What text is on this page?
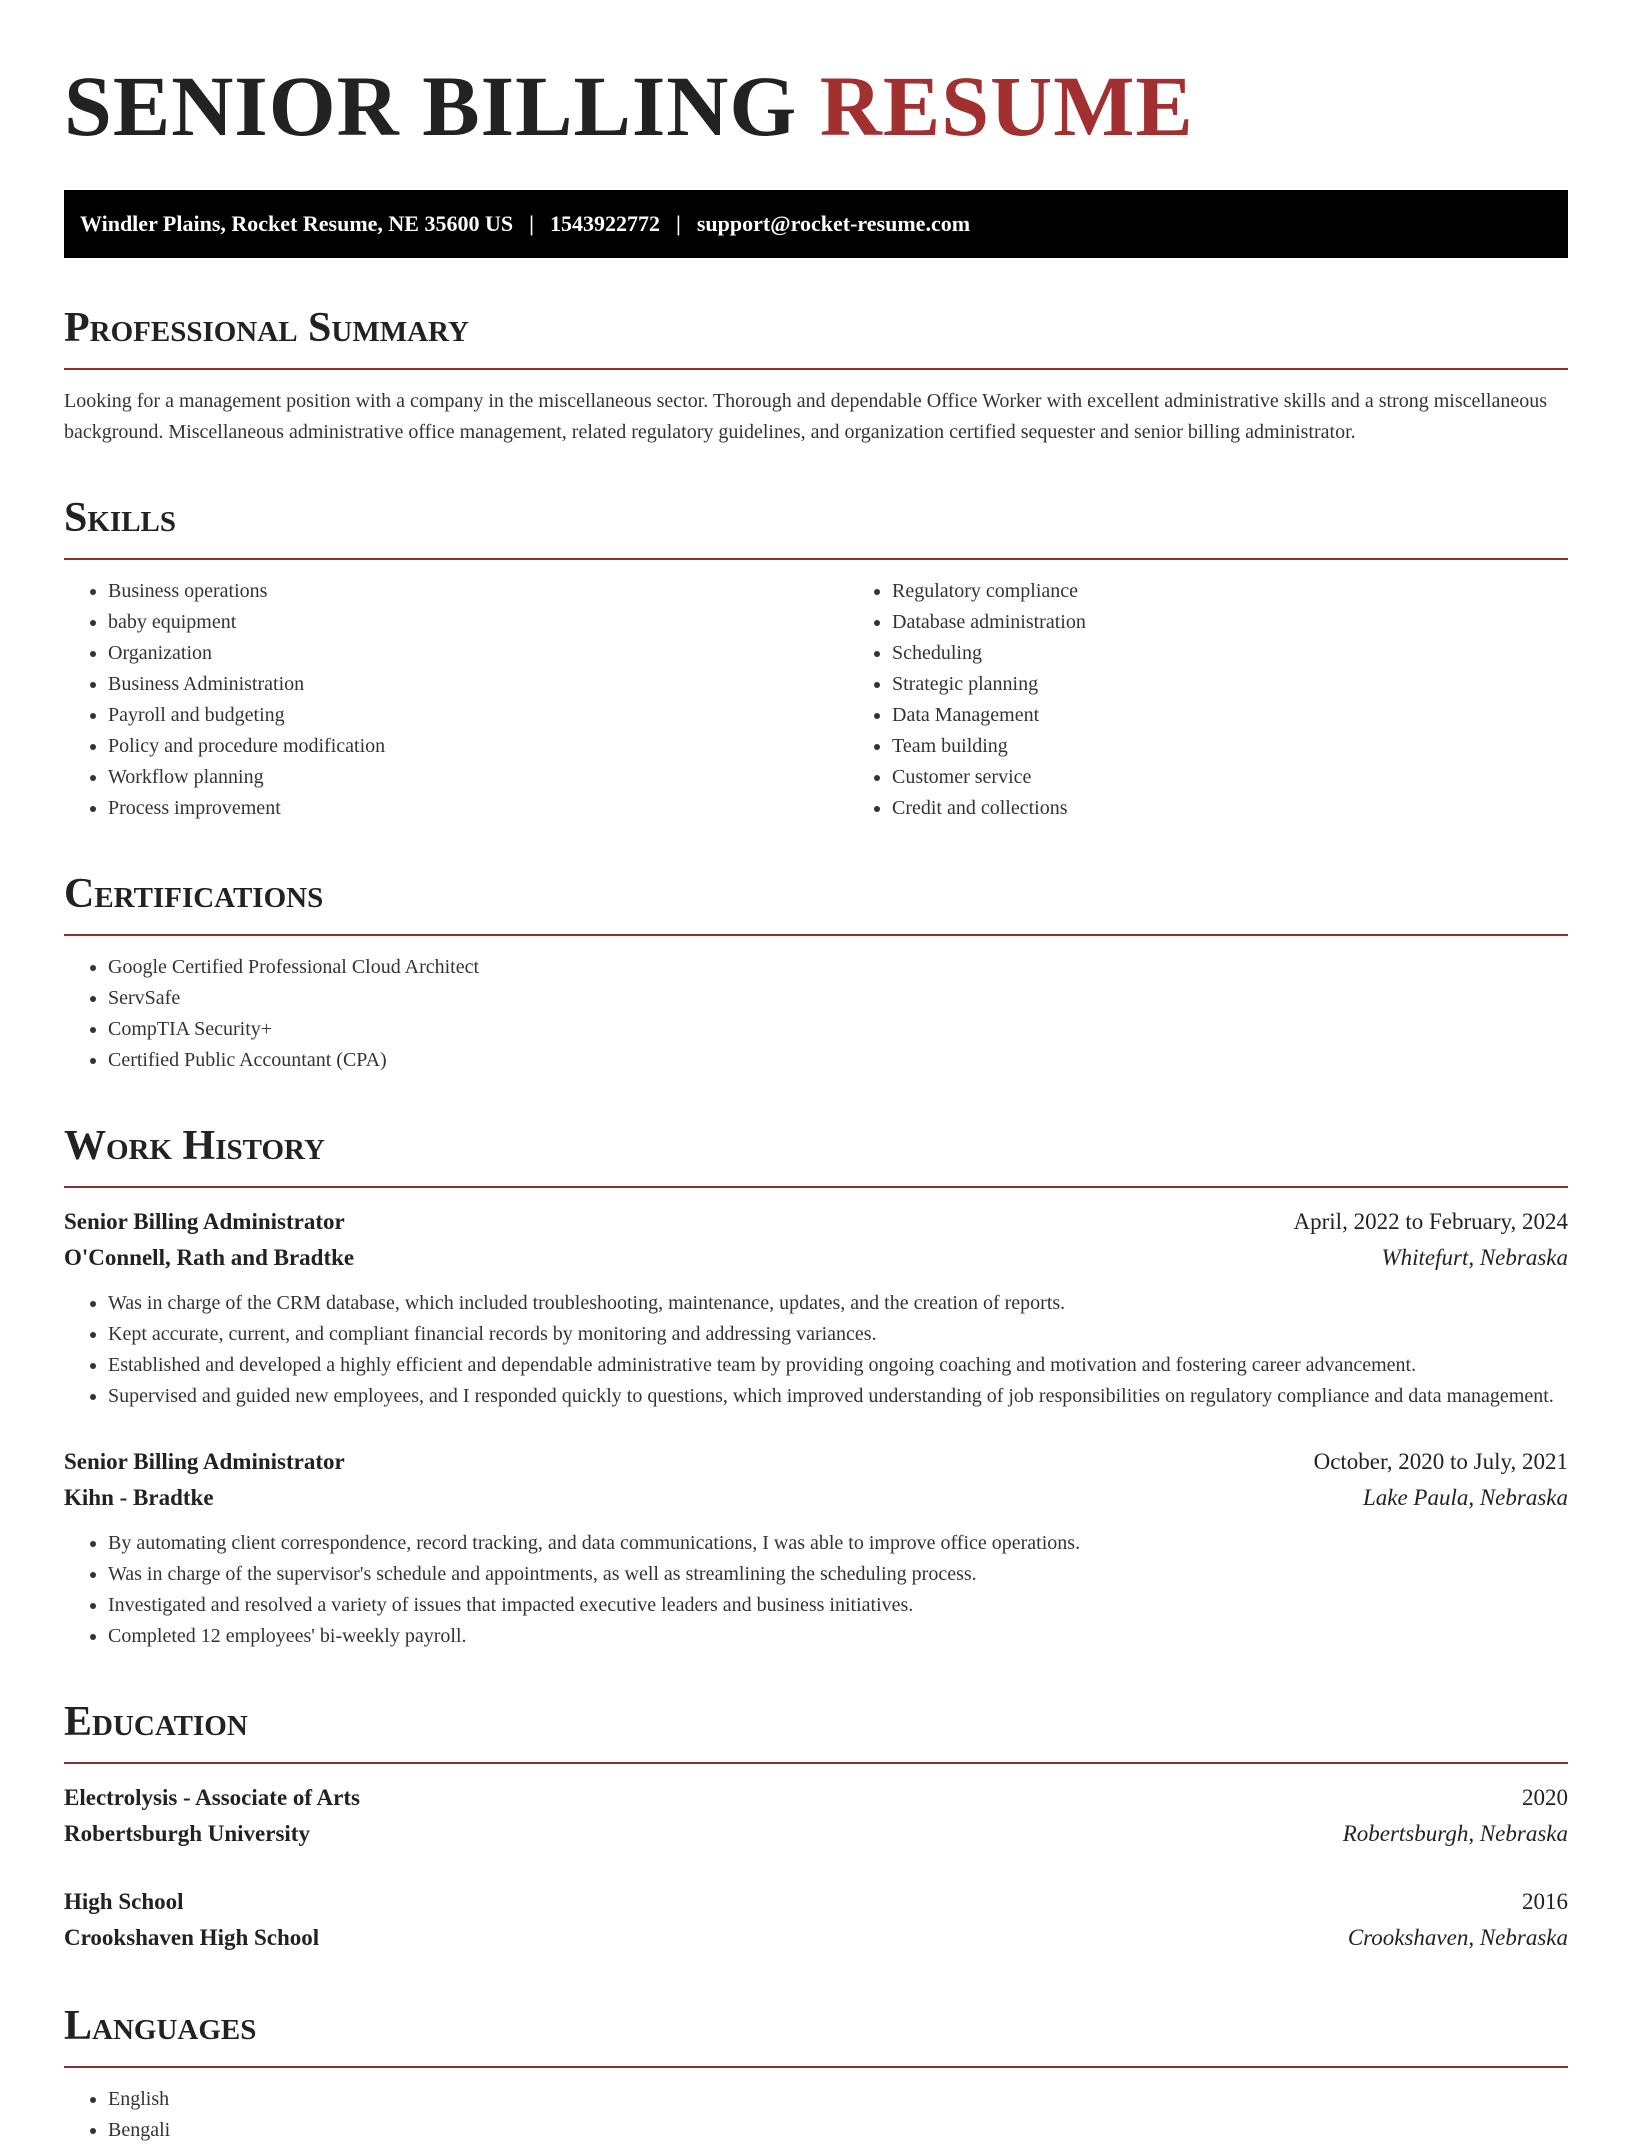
SENIOR BILLING RESUME
Windler Plains, Rocket Resume, NE 35600 US | 1543922772 | support@rocket-resume.com
Professional Summary

Looking for a management position with a company in the miscellaneous sector. Thorough and dependable Office Worker with excellent administrative skills and a strong miscellaneous background. Miscellaneous administrative office management, related regulatory guidelines, and organization certified sequester and senior billing administrator.

Skills
• Business operations
• baby equipment
• Organization
• Business Administration
• Payroll and budgeting
• Policy and procedure modification
• Workflow planning
• Process improvement
• Regulatory compliance
• Database administration
• Scheduling
• Strategic planning
• Data Management
• Team building
• Customer service
• Credit and collections
Certifications
• Google Certified Professional Cloud Architect
• ServSafe
• CompTIA Security+
• Certified Public Accountant (CPA)
Work History
Senior Billing Administrator	April, 2022 to February, 2024
O'Connell, Rath and Bradtke	Whitefurt, Nebraska
• Was in charge of the CRM database, which included troubleshooting, maintenance, updates, and the creation of reports.
• Kept accurate, current, and compliant financial records by monitoring and addressing variances.
• Established and developed a highly efficient and dependable administrative team by providing ongoing coaching and motivation and fostering career advancement.
• Supervised and guided new employees, and I responded quickly to questions, which improved understanding of job responsibilities on regulatory compliance and data management.
Senior Billing Administrator	October, 2020 to July, 2021
Kihn - Bradtke	Lake Paula, Nebraska
• By automating client correspondence, record tracking, and data communications, I was able to improve office operations.
• Was in charge of the supervisor's schedule and appointments, as well as streamlining the scheduling process.
• Investigated and resolved a variety of issues that impacted executive leaders and business initiatives.
• Completed 12 employees' bi-weekly payroll.
Education
Electrolysis - Associate of Arts	2020
Robertsburgh University	Robertsburgh, Nebraska
High School	2016
Crookshaven High School	Crookshaven, Nebraska
Languages
• English
• Bengali
